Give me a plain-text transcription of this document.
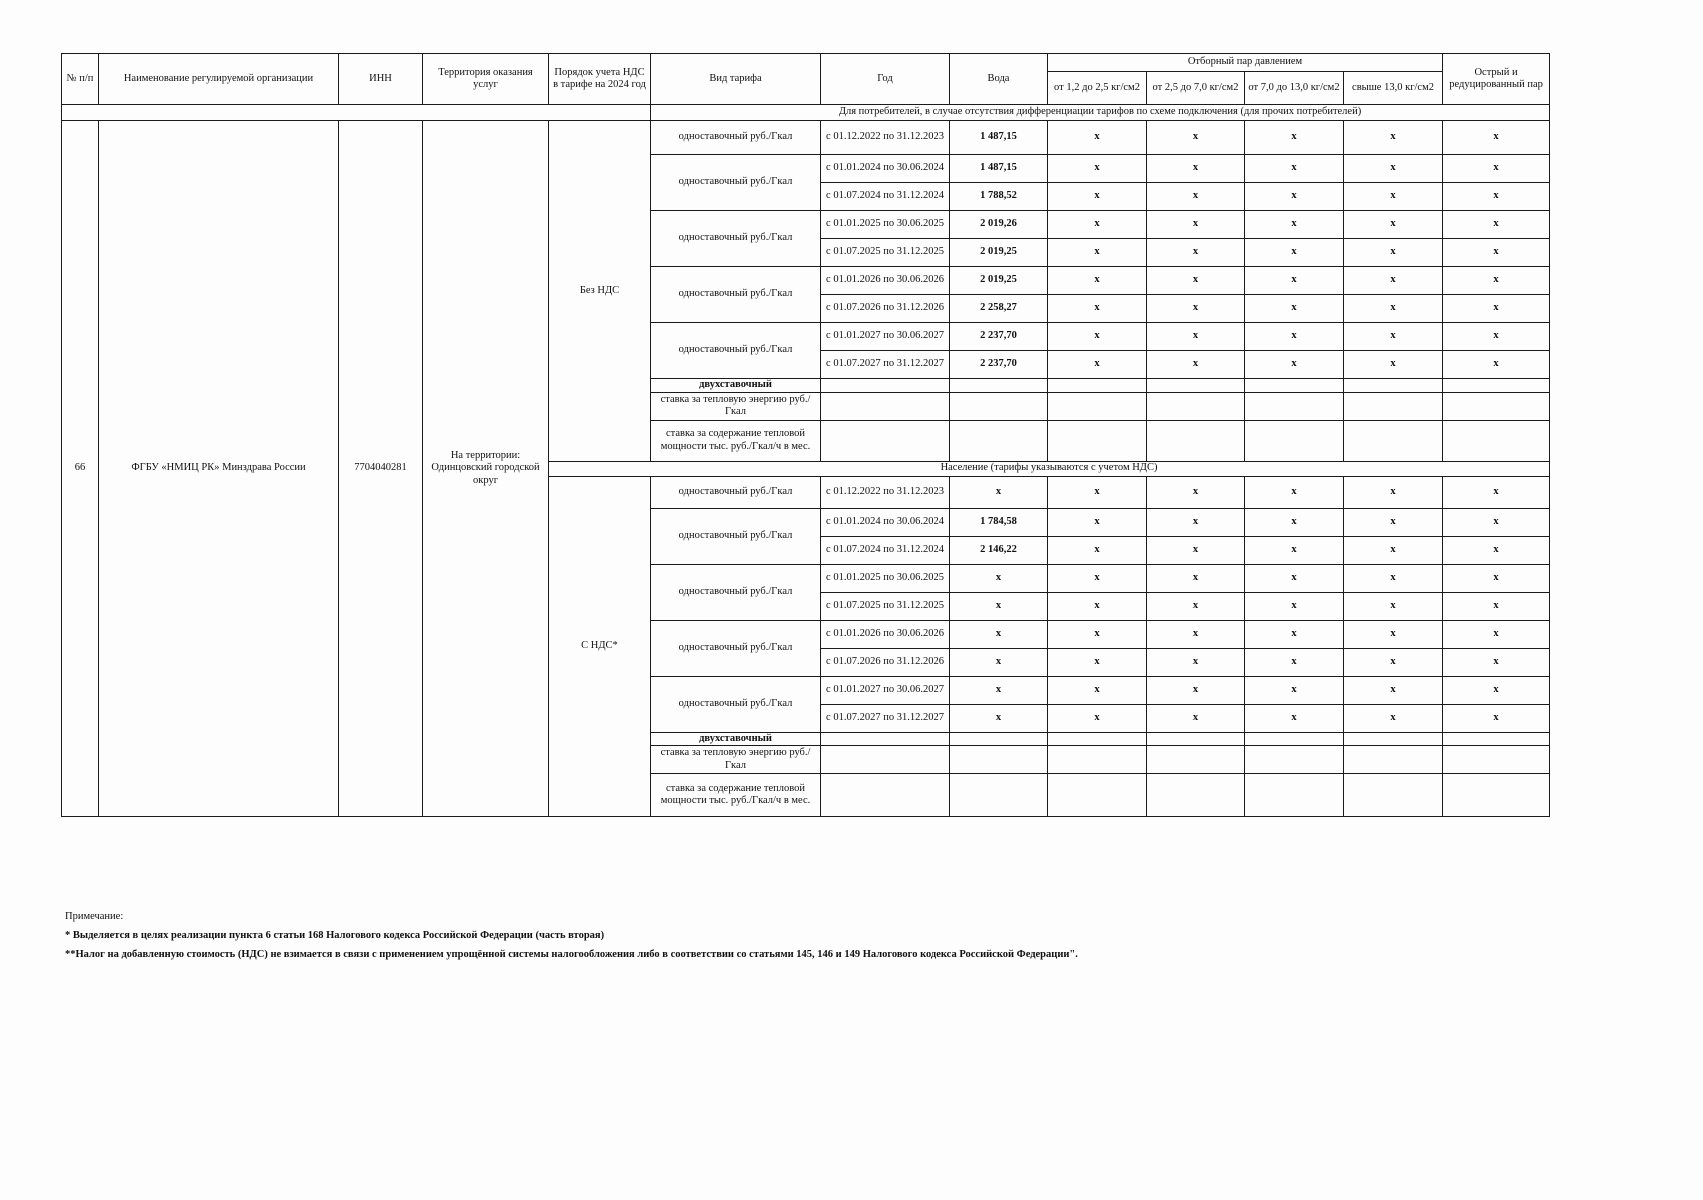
№ п/п	Наименование регулируемой организации	ИНН	Территория оказания услуг	Порядок учета НДС в тарифе на 2024 год	Вид тарифа	Год	Вода	Отборный пар давлением				Острый и редуцированный пар
								от 1,2 до 2,5 кг/см2	от 2,5 до 7,0 кг/см2	от 7,0 до 13,0 кг/см2	свыше 13,0 кг/см2	
					Для потребителей, в случае отсутствия дифференциации тарифов по схеме подключения (для прочих потребителей)							
66	ФГБУ «НМИЦ РК» Минздрава России	7704040281	На территории: Одинцовский городской округ	Без НДС	одноставочный руб./Гкал	с 01.12.2022 по 31.12.2023	1 487,15	x	x	x	x	x
					одноставочный руб./Гкал	с 01.01.2024 по 30.06.2024	1 487,15	x	x	x	x	x
						с 01.07.2024 по 31.12.2024	1 788,52	x	x	x	x	x
					одноставочный руб./Гкал	с 01.01.2025 по 30.06.2025	2 019,26	x	x	x	x	x
						с 01.07.2025 по 31.12.2025	2 019,25	x	x	x	x	x
					одноставочный руб./Гкал	с 01.01.2026 по 30.06.2026	2 019,25	x	x	x	x	x
						с 01.07.2026 по 31.12.2026	2 258,27	x	x	x	x	x
					одноставочный руб./Гкал	с 01.01.2027 по 30.06.2027	2 237,70	x	x	x	x	x
						с 01.07.2027 по 31.12.2027	2 237,70	x	x	x	x	x
					двухставочный							
					ставка за тепловую энергию руб./Гкал							
					ставка за содержание тепловой мощности тыс. руб./Гкал/ч в мес.							
				Население (тарифы указываются с учетом НДС)								
				С НДС*	одноставочный руб./Гкал	с 01.12.2022 по 31.12.2023	x	x	x	x	x	x
					одноставочный руб./Гкал	с 01.01.2024 по 30.06.2024	1 784,58	x	x	x	x	x
						с 01.07.2024 по 31.12.2024	2 146,22	x	x	x	x	x
					одноставочный руб./Гкал	с 01.01.2025 по 30.06.2025	x	x	x	x	x	x
						с 01.07.2025 по 31.12.2025	x	x	x	x	x	x
					одноставочный руб./Гкал	с 01.01.2026 по 30.06.2026	x	x	x	x	x	x
						с 01.07.2026 по 31.12.2026	x	x	x	x	x	x
					одноставочный руб./Гкал	с 01.01.2027 по 30.06.2027	x	x	x	x	x	x
						с 01.07.2027 по 31.12.2027	x	x	x	x	x	x
					двухставочный							
					ставка за тепловую энергию руб./Гкал							
					ставка за содержание тепловой мощности тыс. руб./Гкал/ч в мес.							
Примечание:
* Выделяется в целях реализации пункта 6 статьи 168 Налогового кодекса Российской Федерации (часть вторая)
**Налог на добавленную стоимость (НДС) не взимается в связи с применением упрощённой системы налогообложения либо в соответствии со статьями 145, 146 и 149 Налогового кодекса Российской Федерации".
